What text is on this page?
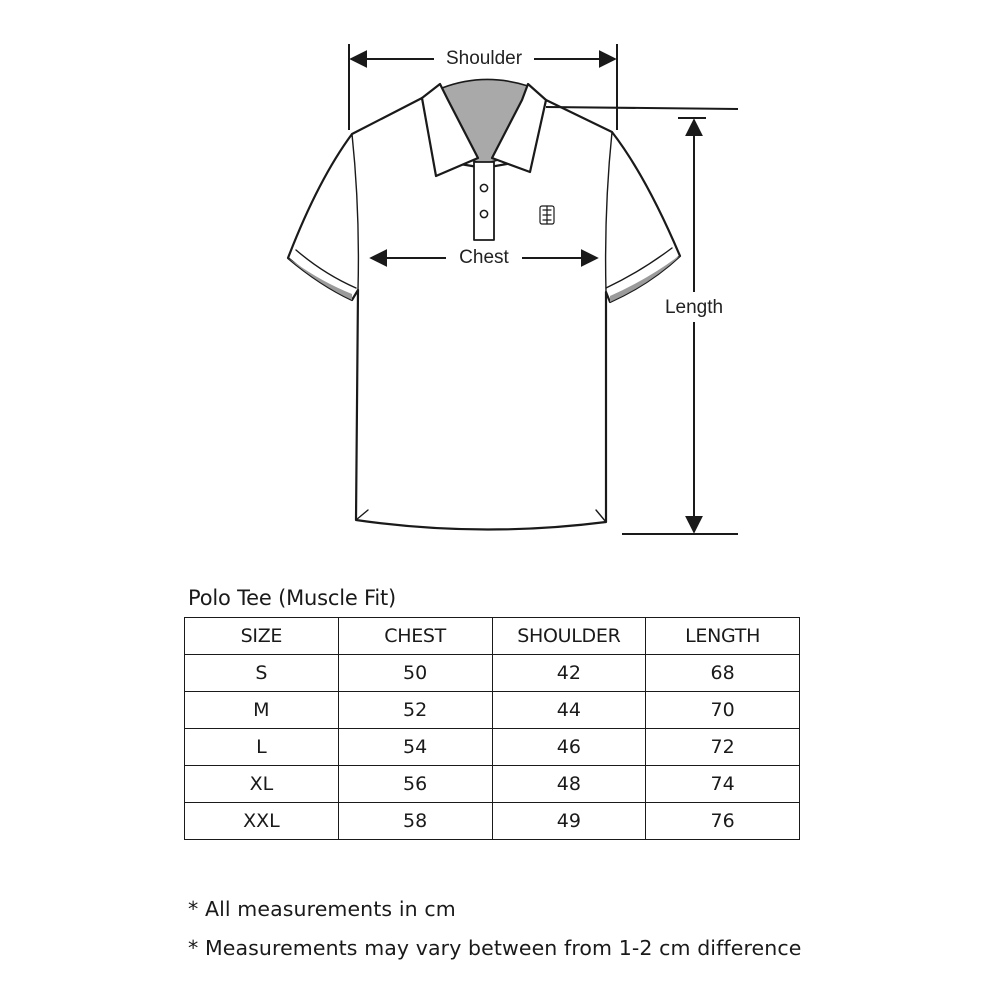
Shoulder
Chest
Length
Polo Tee (Muscle Fit)
SIZE	CHEST	SHOULDER	LENGTH
S	50	42	68
M	52	44	70
L	54	46	72
XL	56	48	74
XXL	58	49	76
* All measurements in cm
* Measurements may vary between from 1-2 cm difference
